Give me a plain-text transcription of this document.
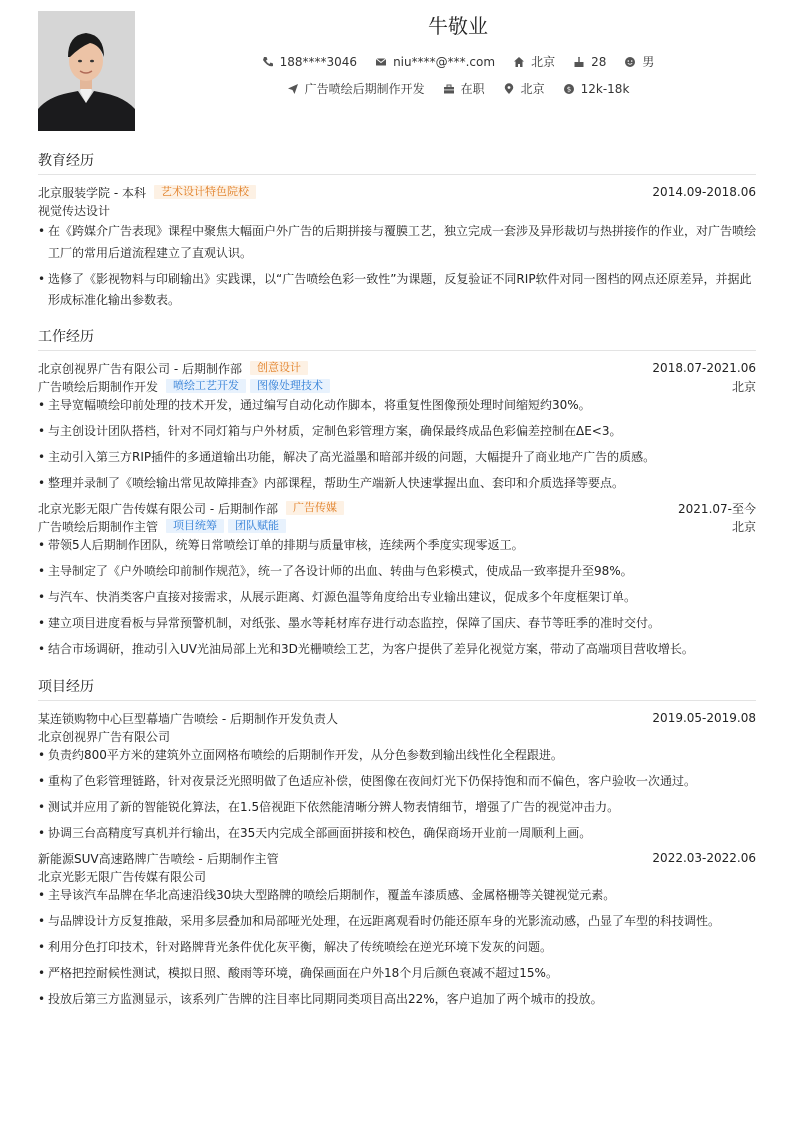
牛敬业
188****3046	niu****@***.com	北京	28	男
广告喷绘后期制作开发	在职	北京	$ 12k-18k
教育经历
北京服装学院 - 本科	艺术设计特色院校	2014.09-2018.06
视觉传达设计
• 在《跨媒介广告表现》课程中聚焦大幅面户外广告的后期拼接与覆膜工艺，独立完成一套涉及异形裁切与热拼接作的作业，对广告喷绘工厂的常用后道流程建立了直观认识。
• 选修了《影视物料与印刷输出》实践课，以“广告喷绘色彩一致性”为课题，反复验证不同RIP软件对同一图档的网点还原差异，并据此形成标准化输出参数表。
工作经历
北京创视界广告有限公司 - 后期制作部	创意设计	2018.07-2021.06
广告喷绘后期制作开发	喷绘工艺开发	图像处理技术	北京
• 主导宽幅喷绘印前处理的技术开发，通过编写自动化动作脚本，将重复性图像预处理时间缩短约30%。
• 与主创设计团队搭档，针对不同灯箱与户外材质，定制色彩管理方案，确保最终成品色彩偏差控制在ΔE<3。
• 主动引入第三方RIP插件的多通道输出功能，解决了高光溢墨和暗部并级的问题，大幅提升了商业地产广告的质感。
• 整理并录制了《喷绘输出常见故障排查》内部课程，帮助生产端新人快速掌握出血、套印和介质选择等要点。
北京光影无限广告传媒有限公司 - 后期制作部	广告传媒	2021.07-至今
广告喷绘后期制作主管	项目统筹	团队赋能	北京
• 带领5人后期制作团队，统筹日常喷绘订单的排期与质量审核，连续两个季度实现零返工。
• 主导制定了《户外喷绘印前制作规范》，统一了各设计师的出血、转曲与色彩模式，使成品一致率提升至98%。
• 与汽车、快消类客户直接对接需求，从展示距离、灯源色温等角度给出专业输出建议，促成多个年度框架订单。
• 建立项目进度看板与异常预警机制，对纸张、墨水等耗材库存进行动态监控，保障了国庆、春节等旺季的准时交付。
• 结合市场调研，推动引入UV光油局部上光和3D光栅喷绘工艺，为客户提供了差异化视觉方案，带动了高端项目营收增长。
项目经历
某连锁购物中心巨型幕墙广告喷绘 - 后期制作开发负责人	2019.05-2019.08
北京创视界广告有限公司
• 负责约800平方米的建筑外立面网格布喷绘的后期制作开发，从分色参数到输出线性化全程跟进。
• 重构了色彩管理链路，针对夜景泛光照明做了色适应补偿，使图像在夜间灯光下仍保持饱和而不偏色，客户验收一次通过。
• 测试并应用了新的智能锐化算法，在1.5倍视距下依然能清晰分辨人物表情细节，增强了广告的视觉冲击力。
• 协调三台高精度写真机并行输出，在35天内完成全部画面拼接和校色，确保商场开业前一周顺利上画。
新能源SUV高速路牌广告喷绘 - 后期制作主管	2022.03-2022.06
北京光影无限广告传媒有限公司
• 主导该汽车品牌在华北高速沿线30块大型路牌的喷绘后期制作，覆盖车漆质感、金属格栅等关键视觉元素。
• 与品牌设计方反复推敲，采用多层叠加和局部哑光处理，在远距离观看时仍能还原车身的光影流动感，凸显了车型的科技调性。
• 利用分色打印技术，针对路牌背光条件优化灰平衡，解决了传统喷绘在逆光环境下发灰的问题。
• 严格把控耐候性测试，模拟日照、酸雨等环境，确保画面在户外18个月后颜色衰减不超过15%。
• 投放后第三方监测显示，该系列广告牌的注目率比同期同类项目高出22%，客户追加了两个城市的投放。
